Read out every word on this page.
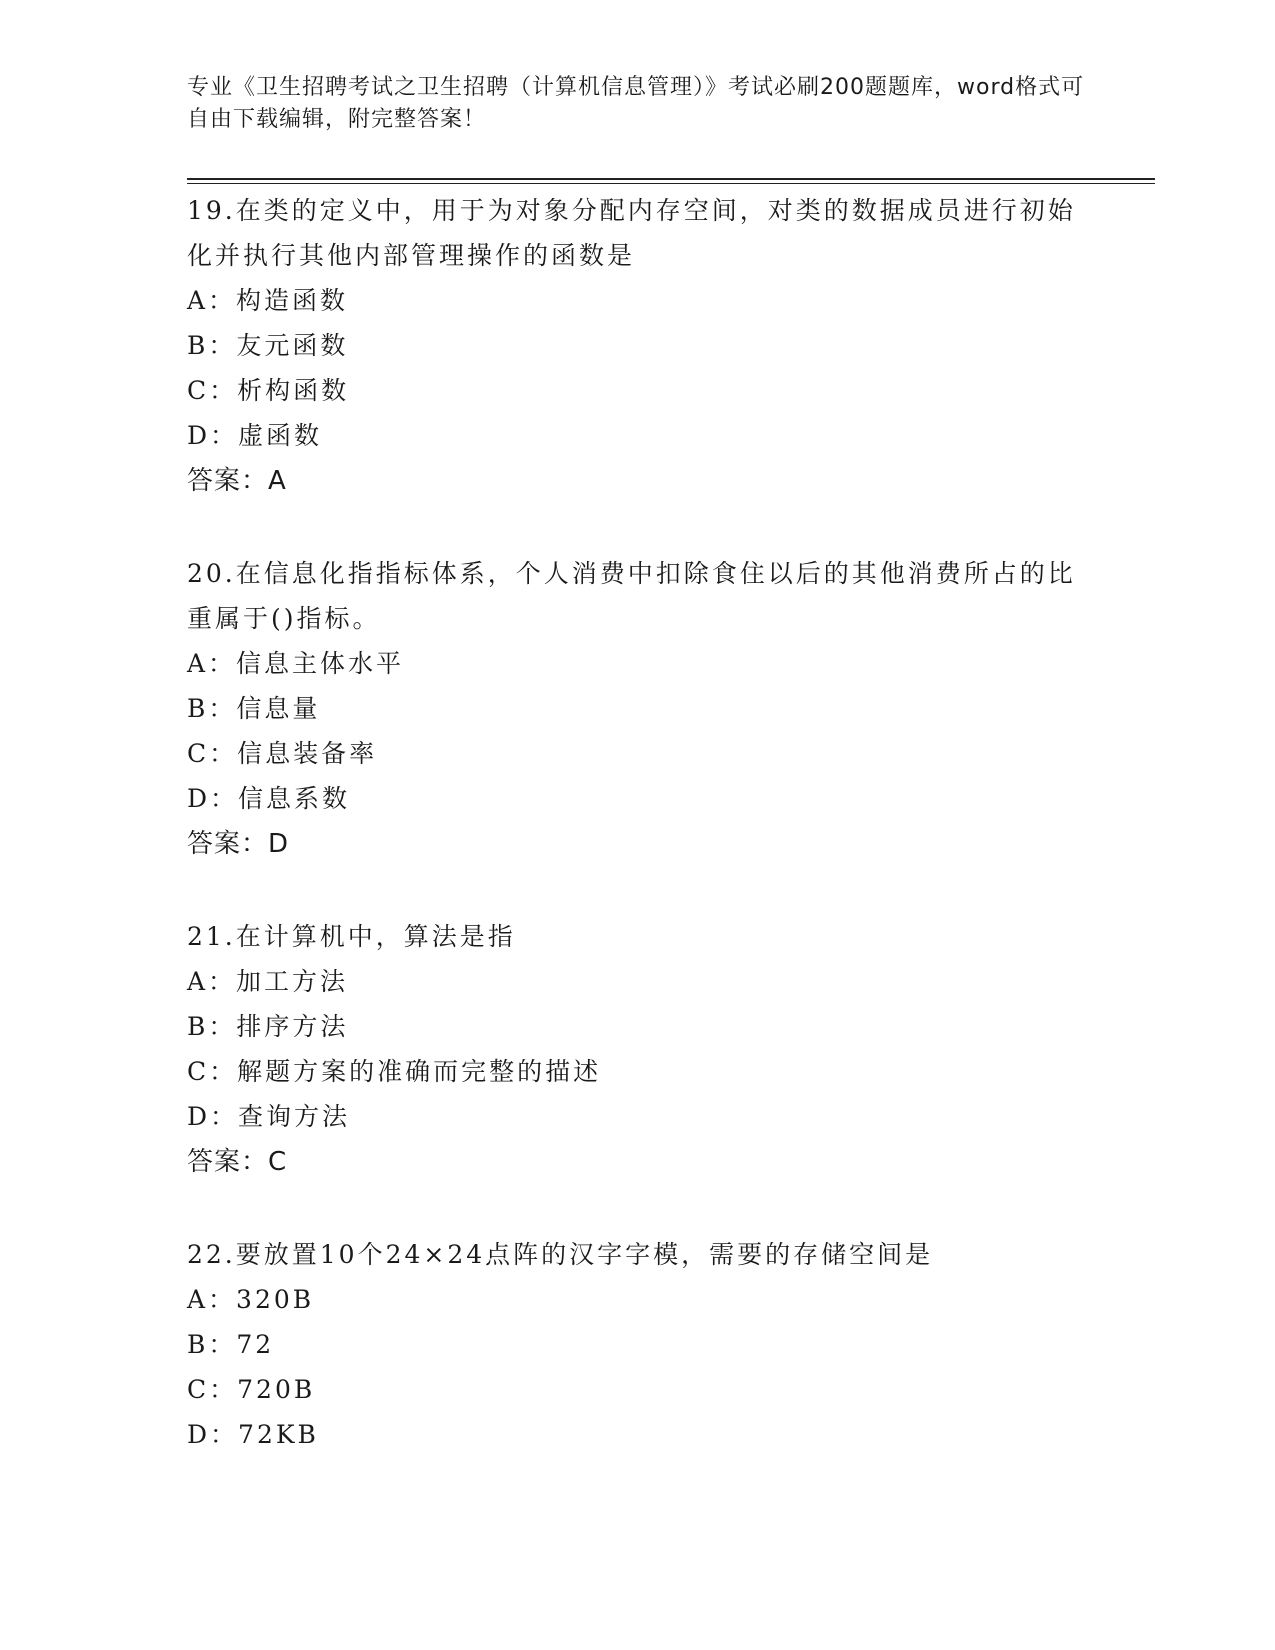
专业《卫生招聘考试之卫生招聘（计算机信息管理）》考试必刷200题题库，word格式可自由下载编辑，附完整答案！
19.在类的定义中，用于为对象分配内存空间，对类的数据成员进行初始化并执行其他内部管理操作的函数是
A：构造函数
B：友元函数
C：析构函数
D：虚函数
答案：A
20.在信息化指指标体系，个人消费中扣除食住以后的其他消费所占的比重属于()指标。
A：信息主体水平
B：信息量
C：信息装备率
D：信息系数
答案：D
21.在计算机中，算法是指
A：加工方法
B：排序方法
C：解题方案的准确而完整的描述
D：查询方法
答案：C
22.要放置10个24×24点阵的汉字字模，需要的存储空间是
A：320B
B：72
C：720B
D：72KB
